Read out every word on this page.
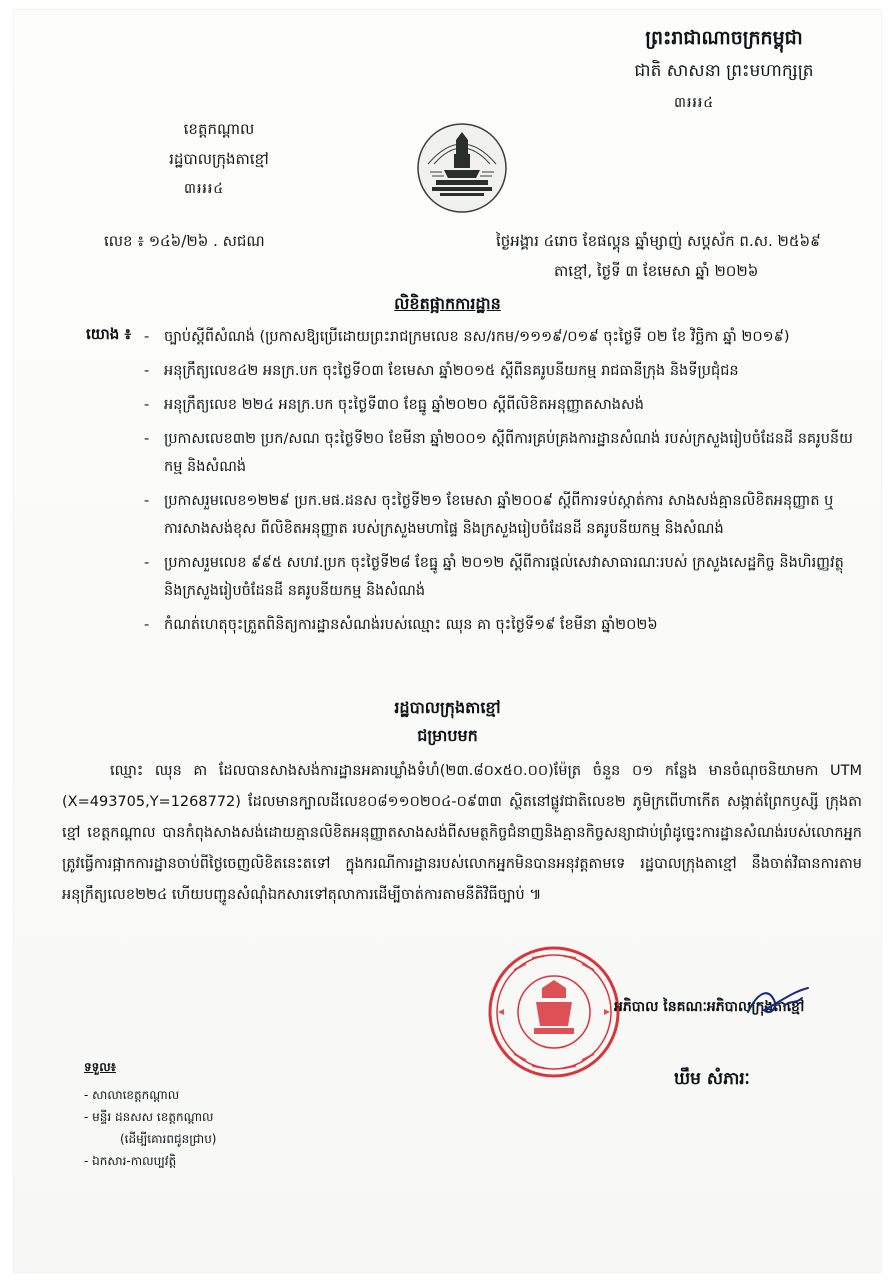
ព្រះរាជាណាចក្រកម្ពុជា
ជាតិ សាសនា ព្រះមហាក្សត្រ
៣៛៛៛៤
ខេត្តកណ្តាល
រដ្ឋបាលក្រុងតាខ្មៅ
៣៛៛៛៤
លេខ ៖ ១៤៦/២៦ . សជណ	ថ្ងៃអង្គារ ៤រោច ខែផល្គុន ឆ្នាំម្សាញ់ សប្តស័ក ព.ស. ២៥៦៩
តាខ្មៅ, ថ្ងៃទី ៣ ខែមេសា ឆ្នាំ ២០២៦
លិខិតផ្អាកការដ្ឋាន
យោង ៖ -	ច្បាប់ស្ដីពីសំណង់ (ប្រកាសឱ្យប្រើដោយព្រះរាជក្រមលេខ នស/រកម/១១១៩/០១៩ ចុះថ្ងៃទី ០២ ខែ វិច្ឆិកា ឆ្នាំ ២០១៩)
-	អនុក្រឹត្យលេខ៤២ អនក្រ.បក ចុះថ្ងៃទី០៣ ខែមេសា ឆ្នាំ២០១៥ ស្ដីពីនគរូបនីយកម្ម រាជធានីក្រុង និងទីប្រជុំជន
-	អនុក្រឹត្យលេខ ២២៤ អនក្រ.បក ចុះថ្ងៃទី៣០ ខែធ្នូ ឆ្នាំ២០២០ ស្តីពីលិខិតអនុញ្ញាតសាងសង់
-	ប្រកាសលេខ៣២ ប្រក/សណ ចុះថ្ងៃទី២០ ខែមីនា ឆ្នាំ២០០១ ស្ដីពីការគ្រប់គ្រងការដ្ឋានសំណង់ របស់ក្រសួងរៀបចំដែនដី នគរូបនីយកម្ម និងសំណង់
-	ប្រកាសរួមលេខ១២២៩ ប្រក.មផ.ដនស ចុះថ្ងៃទី២១ ខែមេសា ឆ្នាំ២០០៩ ស្តីពីការទប់ស្កាត់ការ សាងសង់គ្មានលិខិតអនុញ្ញាត ឬការសាងសង់ខុស ពីលិខិតអនុញ្ញាត របស់ក្រសួងមហាផ្ទៃ និងក្រសួងរៀបចំដែនដី នគរូបនីយកម្ម និងសំណង់
-	ប្រកាសរួមលេខ ៩៩៥ សហវ.ប្រក ចុះថ្ងៃទី២៨ ខែធ្នូ ឆ្នាំ ២០១២ ស្តីពីការផ្ដល់សេវាសាធារណៈរបស់ ក្រសួងសេដ្ឋកិច្ច និងហិរញ្ញវត្ថុ និងក្រសួងរៀបចំដែនដី នគរូបនីយកម្ម និងសំណង់
-	កំណត់ហេតុចុះត្រួតពិនិត្យការដ្ឋានសំណង់របស់ឈ្មោះ ឈុន គា ចុះថ្ងៃទី១៩ ខែមីនា ឆ្នាំ២០២៦
រដ្ឋបាលក្រុងតាខ្មៅ
ជម្រាបមក
ឈ្មោះ ឈុន គា ដែលបានសាងសង់ការដ្ឋានអគារឃ្លាំងទំហំ(២៣.៨០x៥០.០០)ម៉ែត្រ ចំនួន ០១ កន្លែង មានចំណុចនិយាមកា UTM (X=493705,Y=1268772) ដែលមានក្បាលដីលេខ០៨១១០២០៤-០៩៣៣ ស្ថិតនៅផ្លូវជាតិលេខ២ ភូមិក្រពើហាកើត សង្កាត់ព្រែកឫស្សី ក្រុងតាខ្មៅ ខេត្តកណ្តាល បានកំពុងសាងសង់ដោយគ្មានលិខិតអនុញ្ញាតសាងសង់ពីសមត្ថកិច្ចជំនាញនិងគ្មានកិច្ចសន្យាជាប់ព្រំដូច្នេះការដ្ឋានសំណង់របស់លោកអ្នកត្រូវធ្វើការផ្អាកការដ្ឋានចាប់ពីថ្ងៃចេញលិខិតនេះតទៅ ក្នុងករណីការដ្ឋានរបស់លោកអ្នកមិនបានអនុវត្តតាមទេ រដ្ឋបាលក្រុងតាខ្មៅ នឹងចាត់វិធានការតាមអនុក្រឹត្យលេខ២២៤ ហើយបញ្ជូនសំណុំឯកសារទៅតុលាការដើម្បីចាត់ការតាមនីតិវិធីច្បាប់ ៕
អភិបាល នៃគណៈអភិបាលក្រុងតាខ្មៅ
ឃឹម សំភារៈ
ទទួល៖
- សាលាខេត្តកណ្តាល
- មន្ទីរ ដនសស ខេត្តកណ្តាល
(ដើម្បីគោរពជូនជ្រាប)
- ឯកសារ-កាលប្បវត្តិ
